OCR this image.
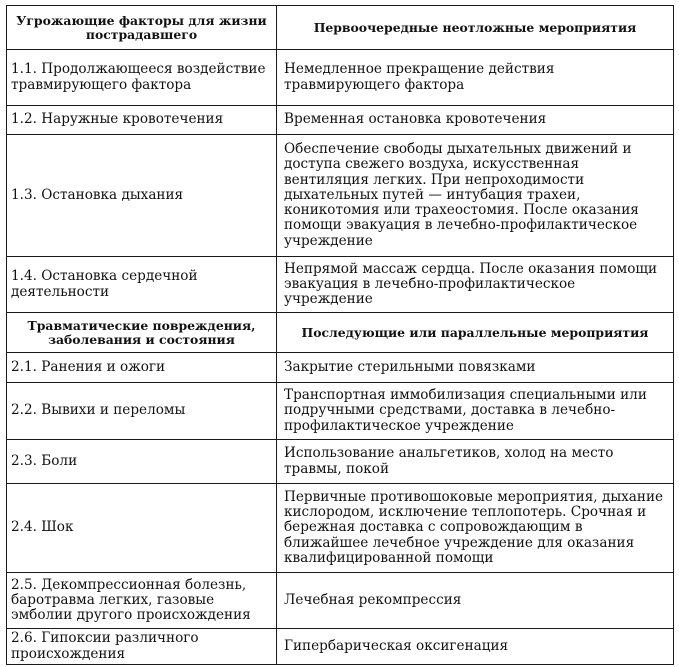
Угрожающие факторы для жизни пострадавшего	Первоочередные неотложные мероприятия
1.1. Продолжающееся воздействие травмирующего фактора	Немедленное прекращение действия травмирующего фактора
1.2. Наружные кровотечения	Временная остановка кровотечения
1.3. Остановка дыхания	Обеспечение свободы дыхательных движений и доступа свежего воздуха, искусственная вентиляция легких. При непроходимости дыхательных путей — интубация трахеи, коникотомия или трахеостомия. После оказания помощи эвакуация в лечебно-профилактическое учреждение
1.4. Остановка сердечной деятельности	Непрямой массаж сердца. После оказания помощи эвакуация в лечебно-профилактическое учреждение
Травматические повреждения, заболевания и состояния	Последующие или параллельные мероприятия
2.1. Ранения и ожоги	Закрытие стерильными повязками
2.2. Вывихи и переломы	Транспортная иммобилизация специальными или подручными средствами, доставка в лечебно-профилактическое учреждение
2.3. Боли	Использование анальгетиков, холод на место травмы, покой
2.4. Шок	Первичные противошоковые мероприятия, дыхание кислородом, исключение теплопотерь. Срочная и бережная доставка с сопровождающим в ближайшее лечебное учреждение для оказания квалифицированной помощи
2.5. Декомпрессионная болезнь, баротравма легких, газовые эмболии другого происхождения	Лечебная рекомпрессия
2.6. Гипоксии различного происхождения	Гипербарическая оксигенация
